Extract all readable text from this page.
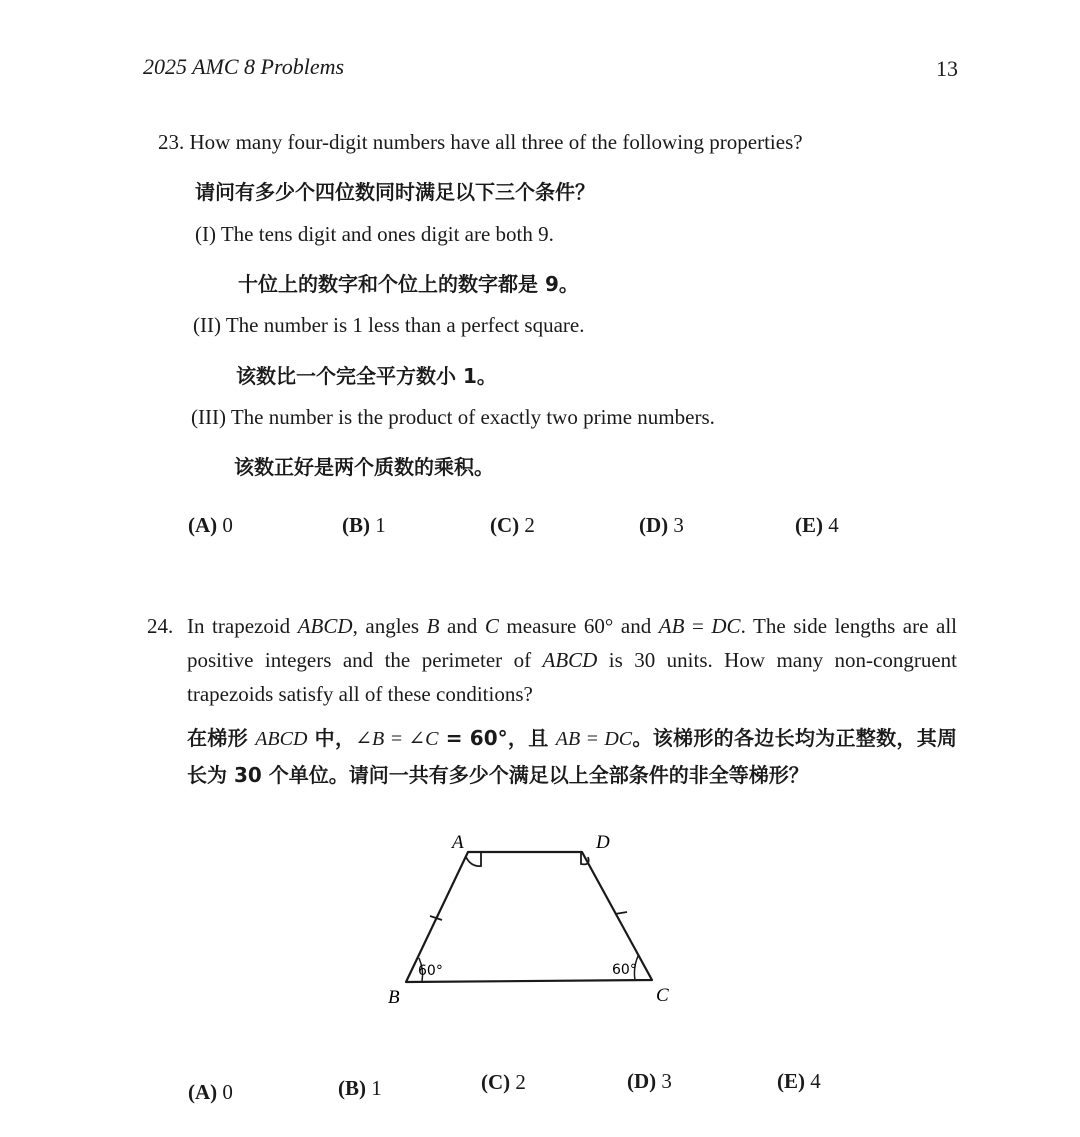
2025 AMC 8 Problems	13
23. How many four-digit numbers have all three of the following properties?
请问有多少个四位数同时满足以下三个条件？
(I) The tens digit and ones digit are both 9.
十位上的数字和个位上的数字都是 9。
(II) The number is 1 less than a perfect square.
该数比一个完全平方数小 1。
(III) The number is the product of exactly two prime numbers.
该数正好是两个质数的乘积。
(A) 0	(B) 1	(C) 2	(D) 3	(E) 4
24. In trapezoid ABCD, angles B and C measure 60° and AB = DC. The side lengths are all positive integers and the perimeter of ABCD is 30 units. How many non-congruent trapezoids satisfy all of these conditions?
在梯形 ABCD 中，∠B = ∠C = 60°，且 AB = DC。该梯形的各边长均为正整数，其周长为 30 个单位。请问一共有多少个满足以上全部条件的非全等梯形？
A	D
B	C
60°	60°
(A) 0	(B) 1	(C) 2	(D) 3	(E) 4
